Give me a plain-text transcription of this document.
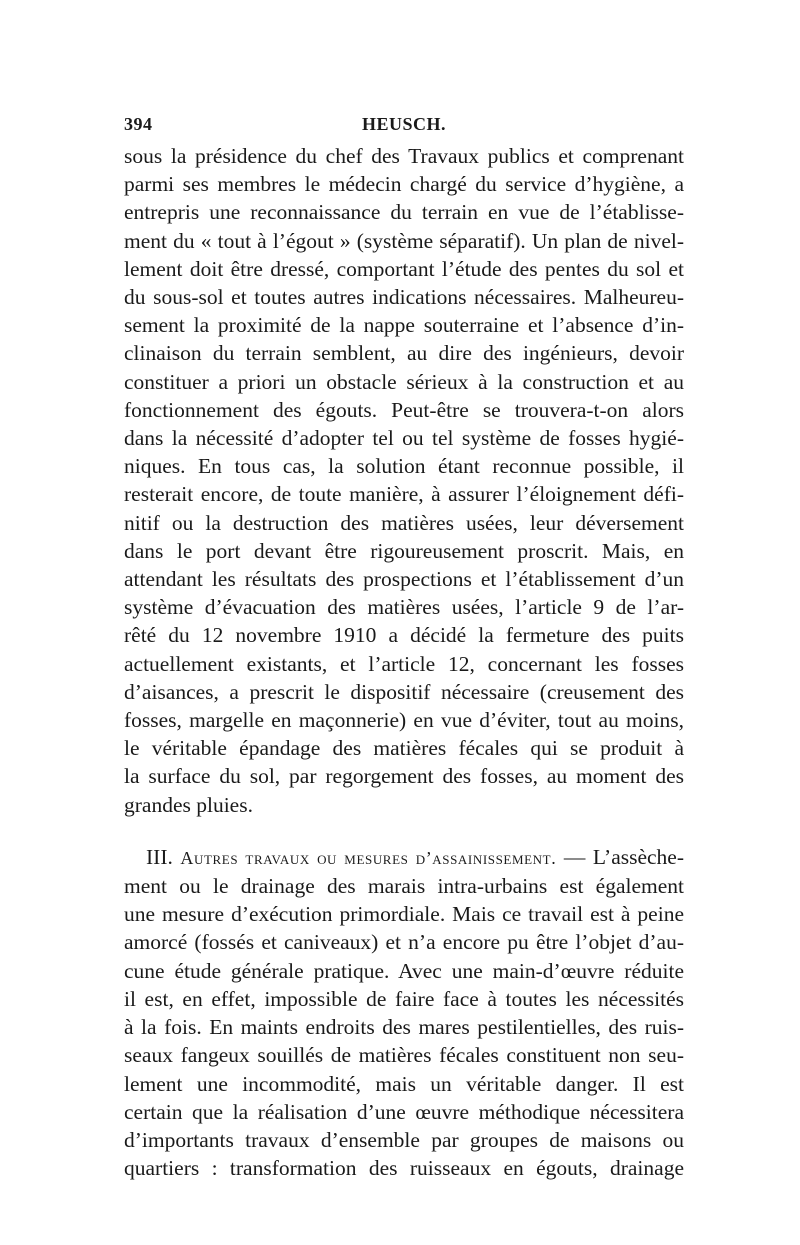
394	HEUSCH.
sous la présidence du chef des Travaux publics et comprenant
parmi ses membres le médecin chargé du service d’hygiène, a
entrepris une reconnaissance du terrain en vue de l’établisse-
ment du « tout à l’égout » (système séparatif). Un plan de nivel-
lement doit être dressé, comportant l’étude des pentes du sol et
du sous-sol et toutes autres indications nécessaires. Malheureu-
sement la proximité de la nappe souterraine et l’absence d’in-
clinaison du terrain semblent, au dire des ingénieurs, devoir
constituer a priori un obstacle sérieux à la construction et au
fonctionnement des égouts. Peut-être se trouvera-t-on alors
dans la nécessité d’adopter tel ou tel système de fosses hygié-
niques. En tous cas, la solution étant reconnue possible, il
resterait encore, de toute manière, à assurer l’éloignement défi-
nitif ou la destruction des matières usées, leur déversement
dans le port devant être rigoureusement proscrit. Mais, en
attendant les résultats des prospections et l’établissement d’un
système d’évacuation des matières usées, l’article 9 de l’ar-
rêté du 12 novembre 1910 a décidé la fermeture des puits
actuellement existants, et l’article 12, concernant les fosses
d’aisances, a prescrit le dispositif nécessaire (creusement des
fosses, margelle en maçonnerie) en vue d’éviter, tout au moins,
le véritable épandage des matières fécales qui se produit à
la surface du sol, par regorgement des fosses, au moment des
grandes pluies.
III. Autres travaux ou mesures d’assainissement. — L’assèche-
ment ou le drainage des marais intra-urbains est également
une mesure d’exécution primordiale. Mais ce travail est à peine
amorcé (fossés et caniveaux) et n’a encore pu être l’objet d’au-
cune étude générale pratique. Avec une main-d’œuvre réduite
il est, en effet, impossible de faire face à toutes les nécessités
à la fois. En maints endroits des mares pestilentielles, des ruis-
seaux fangeux souillés de matières fécales constituent non seu-
lement une incommodité, mais un véritable danger. Il est
certain que la réalisation d’une œuvre méthodique nécessitera
d’importants travaux d’ensemble par groupes de maisons ou
quartiers : transformation des ruisseaux en égouts, drainage
